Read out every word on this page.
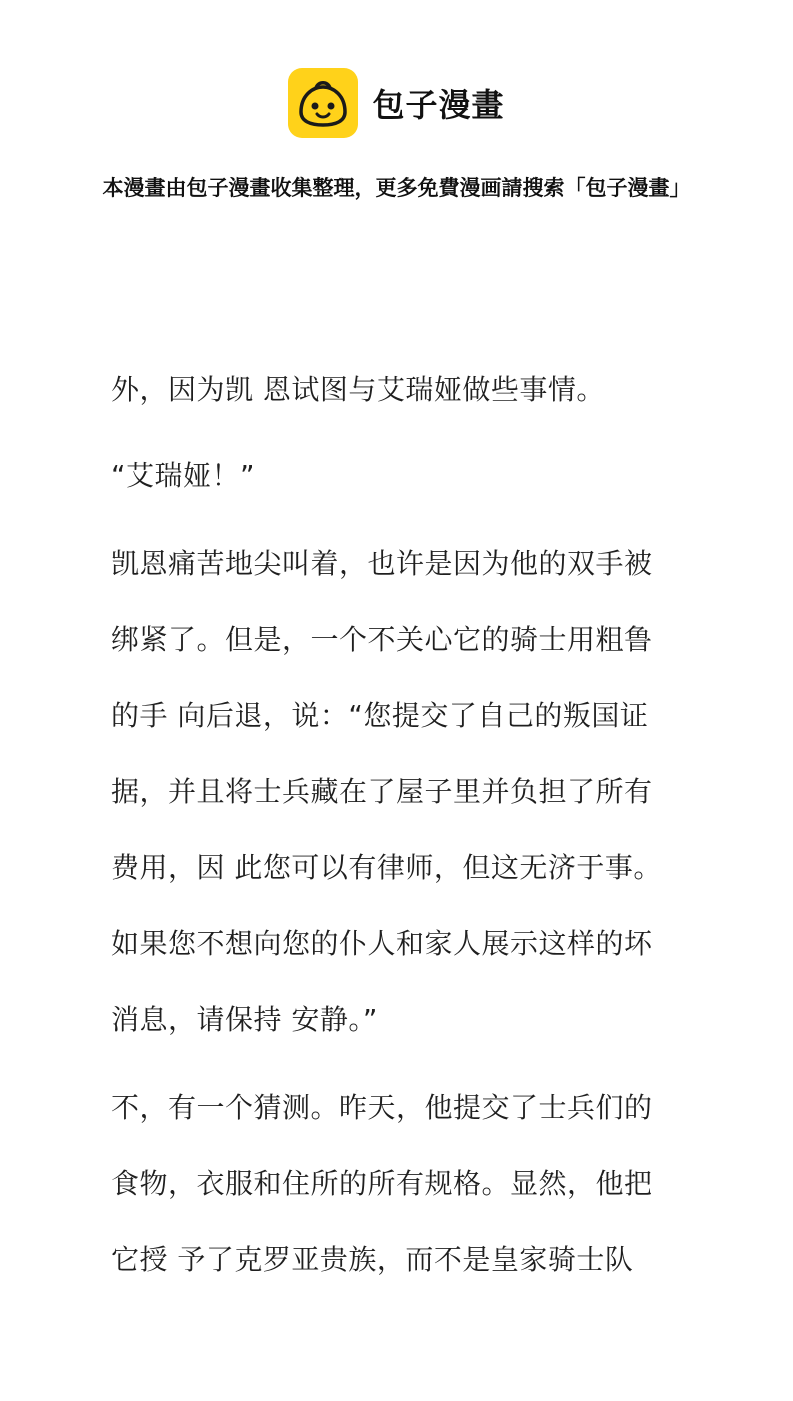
包子漫畫
本漫畫由包子漫畫收集整理，更多免費漫画請搜索「包子漫畫」
外，因为凯 恩试图与艾瑞娅做些事情。
“艾瑞娅！”
凯恩痛苦地尖叫着，也许是因为他的双手被
绑紧了。但是，一个不关心它的骑士用粗鲁
的手 向后退，说：“您提交了自己的叛国证
据，并且将士兵藏在了屋子里并负担了所有
费用，因 此您可以有律师，但这无济于事。
如果您不想向您的仆人和家人展示这样的坏
消息，请保持 安静。”
不，有一个猜测。昨天，他提交了士兵们的
食物，衣服和住所的所有规格。显然，他把
它授 予了克罗亚贵族，而不是皇家骑士队
